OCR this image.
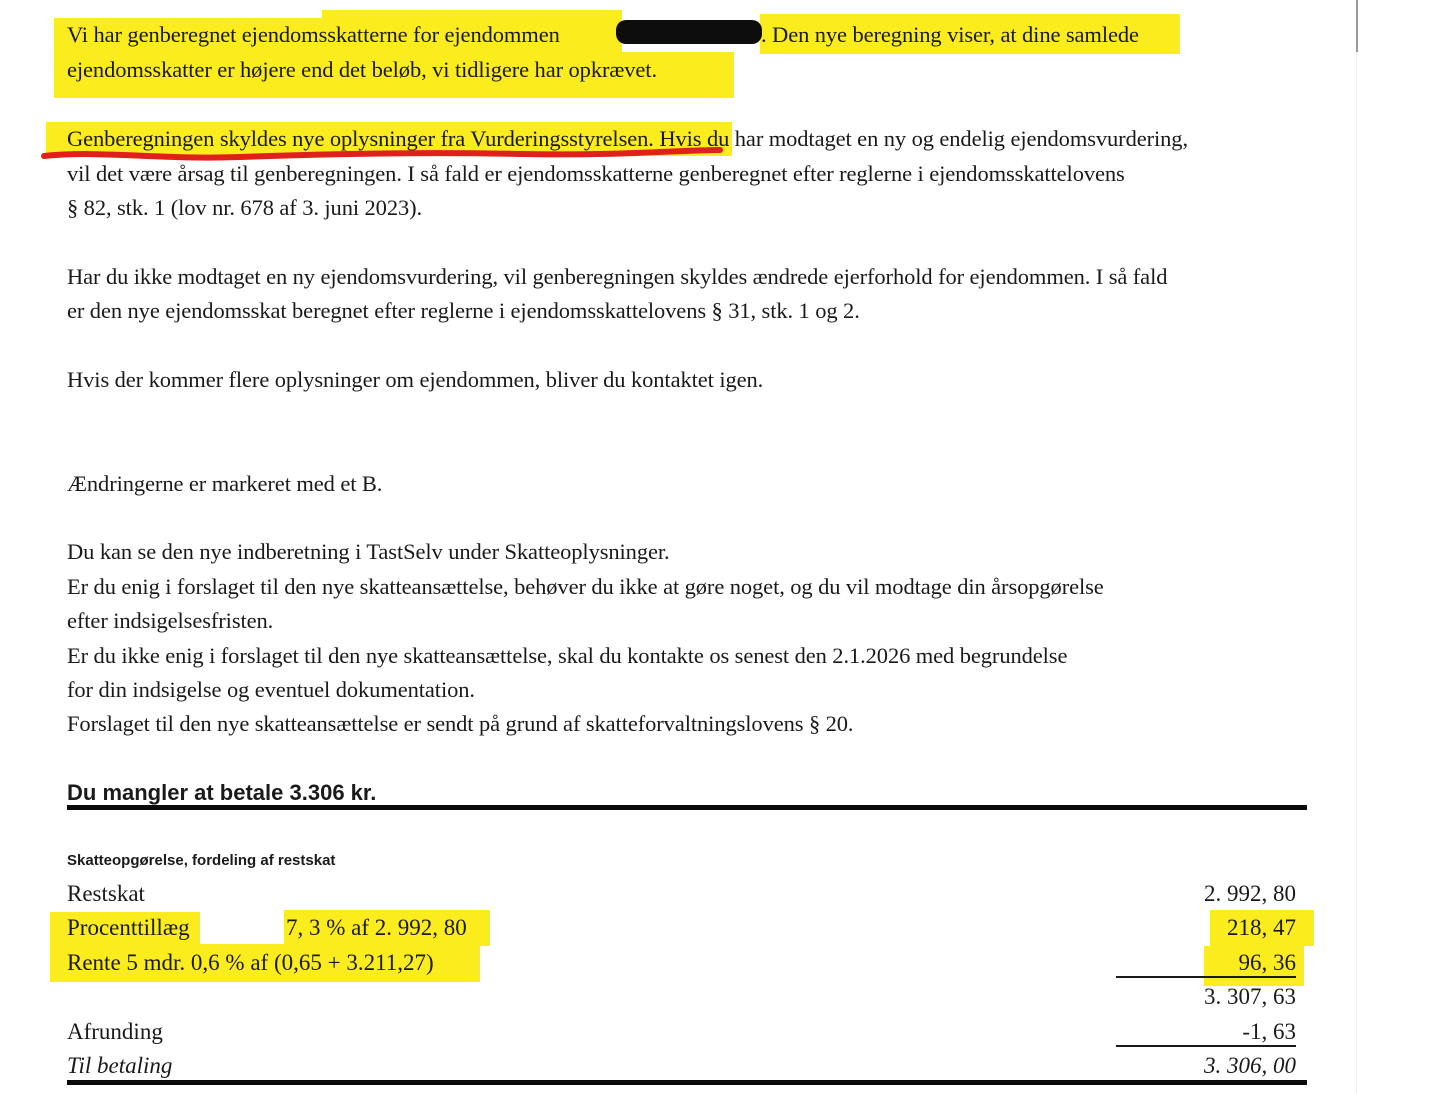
Vi har genberegnet ejendomsskatterne for ejendommen	. Den nye beregning viser, at dine samlede
ejendomsskatter er højere end det beløb, vi tidligere har opkrævet.
Genberegningen skyldes nye oplysninger fra Vurderingsstyrelsen. Hvis du har modtaget en ny og endelig ejendomsvurdering,
vil det være årsag til genberegningen. I så fald er ejendomsskatterne genberegnet efter reglerne i ejendomsskattelovens
§ 82, stk. 1 (lov nr. 678 af 3. juni 2023).
Har du ikke modtaget en ny ejendomsvurdering, vil genberegningen skyldes ændrede ejerforhold for ejendommen. I så fald
er den nye ejendomsskat beregnet efter reglerne i ejendomsskattelovens § 31, stk. 1 og 2.
Hvis der kommer flere oplysninger om ejendommen, bliver du kontaktet igen.
Ændringerne er markeret med et B.
Du kan se den nye indberetning i TastSelv under Skatteoplysninger.
Er du enig i forslaget til den nye skatteansættelse, behøver du ikke at gøre noget, og du vil modtage din årsopgørelse
efter indsigelsesfristen.
Er du ikke enig i forslaget til den nye skatteansættelse, skal du kontakte os senest den 2.1.2026 med begrundelse
for din indsigelse og eventuel dokumentation.
Forslaget til den nye skatteansættelse er sendt på grund af skatteforvaltningslovens § 20.
Du mangler at betale 3.306 kr.
Skatteopgørelse, fordeling af restskat
Restskat	2. 992, 80
Procenttillæg	7, 3 % af 2. 992, 80	218, 47
Rente 5 mdr. 0,6 % af (0,65 + 3.211,27)	96, 36
3. 307, 63
Afrunding	-1, 63
Til betaling	3. 306, 00
